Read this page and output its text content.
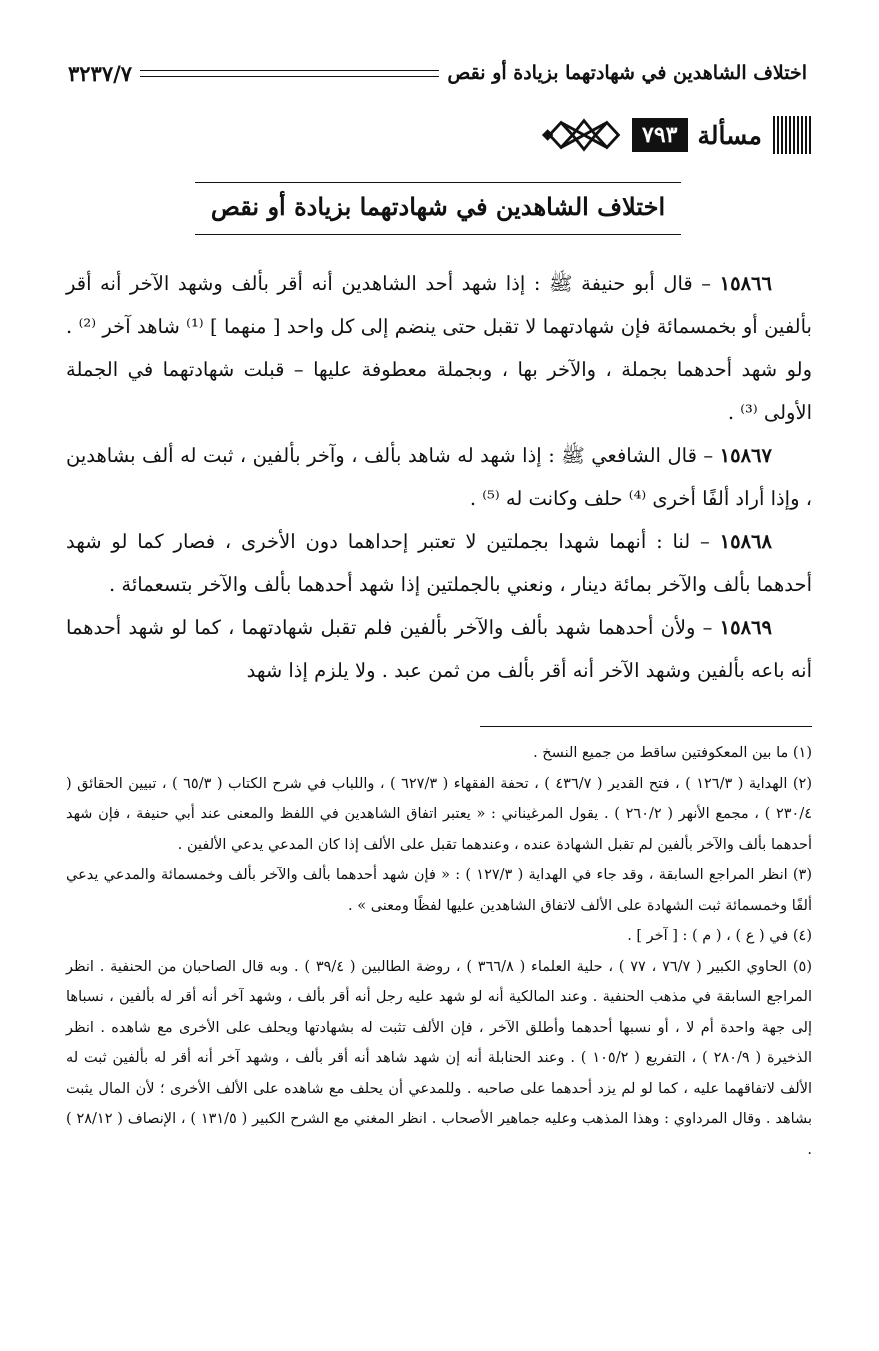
اختلاف الشاهدين في شهادتهما بزيادة أو نقص
٣٢٣٧/٧
مسألة
٧٩٣
اختلاف الشاهدين في شهادتهما بزيادة أو نقص

١٥٨٦٦ – قال أبو حنيفة ﷺ : إذا شهد أحد الشاهدين أنه أقر بألف وشهد الآخر أنه أقر بألفين أو بخمسمائة فإن شهادتهما لا تقبل حتى ينضم إلى كل واحد [ منهما ] ⁽¹⁾ شاهد آخر ⁽²⁾ . ولو شهد أحدهما بجملة ، والآخر بها ، وبجملة معطوفة عليها – قبلت شهادتهما في الجملة الأولى ⁽³⁾ .

١٥٨٦٧ – قال الشافعي ﷺ : إذا شهد له شاهد بألف ، وآخر بألفين ، ثبت له ألف بشاهدين ، وإذا أراد ألفًا أخرى ⁽⁴⁾ حلف وكانت له ⁽⁵⁾ .

١٥٨٦٨ – لنا : أنهما شهدا بجملتين لا تعتبر إحداهما دون الأخرى ، فصار كما لو شهد أحدهما بألف والآخر بمائة دينار ، ونعني بالجملتين إذا شهد أحدهما بألف والآخر بتسعمائة .

١٥٨٦٩ – ولأن أحدهما شهد بألف والآخر بألفين فلم تقبل شهادتهما ، كما لو شهد أحدهما أنه باعه بألفين وشهد الآخر أنه أقر بألف من ثمن عبد . ولا يلزم إذا شهد

(١) ما بين المعكوفتين ساقط من جميع النسخ .

(٢) الهداية ( ١٢٦/٣ ) ، فتح القدير ( ٤٣٦/٧ ) ، تحفة الفقهاء ( ٦٢٧/٣ ) ، واللباب في شرح الكتاب ( ٦٥/٣ ) ، تبيين الحقائق ( ٢٣٠/٤ ) ، مجمع الأنهر ( ٢٦٠/٢ ) . يقول المرغيناني : « يعتبر اتفاق الشاهدين في اللفظ والمعنى عند أبي حنيفة ، فإن شهد أحدهما بألف والآخر بألفين لم تقبل الشهادة عنده ، وعندهما تقبل على الألف إذا كان المدعي يدعي الألفين .

(٣) انظر المراجع السابقة ، وقد جاء في الهداية ( ١٢٧/٣ ) : « فإن شهد أحدهما بألف والآخر بألف وخمسمائة والمدعي يدعي ألفًا وخمسمائة ثبت الشهادة على الألف لاتفاق الشاهدين عليها لفظًا ومعنى » .

(٤) في ( ع ) ، ( م ) : [ آخر ] .

(٥) الحاوي الكبير ( ٧٦/٧ ، ٧٧ ) ، حلية العلماء ( ٣٦٦/٨ ) ، روضة الطالبين ( ٣٩/٤ ) . وبه قال الصاحبان من الحنفية . انظر المراجع السابقة في مذهب الحنفية . وعند المالكية أنه لو شهد عليه رجل أنه أقر بألف ، وشهد آخر أنه أقر له بألفين ، نسباها إلى جهة واحدة أم لا ، أو نسبها أحدهما وأطلق الآخر ، فإن الألف تثبت له بشهادتها ويحلف على الأخرى مع شاهده . انظر الذخيرة ( ٢٨٠/٩ ) ، التفريع ( ١٠٥/٢ ) . وعند الحنابلة أنه إن شهد شاهد أنه أقر بألف ، وشهد آخر أنه أقر له بألفين ثبت له الألف لاتفاقهما عليه ، كما لو لم يزد أحدهما على صاحبه . وللمدعي أن يحلف مع شاهده على الألف الأخرى ؛ لأن المال يثبت بشاهد . وقال المرداوي : وهذا المذهب وعليه جماهير الأصحاب . انظر المغني مع الشرح الكبير ( ١٣١/٥ ) ، الإنصاف ( ٢٨/١٢ ) .
